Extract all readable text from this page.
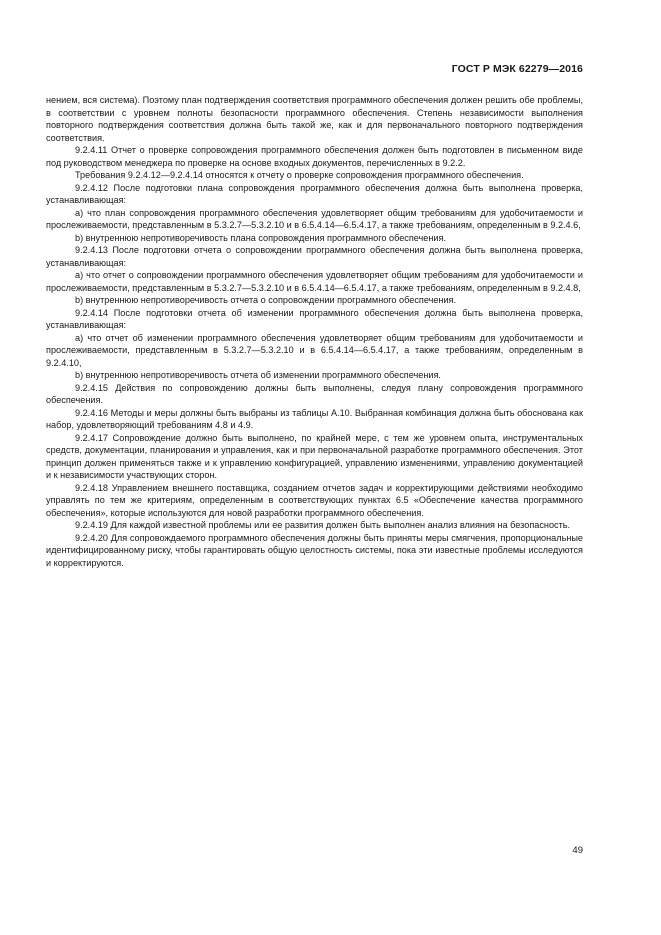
ГОСТ Р МЭК 62279—2016

нением, вся система). Поэтому план подтверждения соответствия программного обеспечения должен решить обе проблемы, в соответствии с уровнем полноты безопасности программного обеспечения. Степень независимости выполнения повторного подтверждения соответствия должна быть такой же, как и для первоначального повторного подтверждения соответствия.

9.2.4.11 Отчет о проверке сопровождения программного обеспечения должен быть подготовлен в письменном виде под руководством менеджера по проверке на основе входных документов, перечисленных в 9.2.2.

Требования 9.2.4.12—9.2.4.14 относятся к отчету о проверке сопровождения программного обеспечения.

9.2.4.12 После подготовки плана сопровождения программного обеспечения должна быть выполнена проверка, устанавливающая:

a) что план сопровождения программного обеспечения удовлетворяет общим требованиям для удобочитаемости и прослеживаемости, представленным в 5.3.2.7—5.3.2.10 и в 6.5.4.14—6.5.4.17, а также требованиям, определенным в 9.2.4.6,

b) внутреннюю непротиворечивость плана сопровождения программного обеспечения.

9.2.4.13 После подготовки отчета о сопровождении программного обеспечения должна быть выполнена проверка, устанавливающая:

a) что отчет о сопровождении программного обеспечения удовлетворяет общим требованиям для удобочитаемости и прослеживаемости, представленным в 5.3.2.7—5.3.2.10 и в 6.5.4.14—6.5.4.17, а также требованиям, определенным в 9.2.4.8,

b) внутреннюю непротиворечивость отчета о сопровождении программного обеспечения.

9.2.4.14 После подготовки отчета об изменении программного обеспечения должна быть выполнена проверка, устанавливающая:

a) что отчет об изменении программного обеспечения удовлетворяет общим требованиям для удобочитаемости и прослеживаемости, представленным в 5.3.2.7—5.3.2.10 и в 6.5.4.14—6.5.4.17, а также требованиям, определенным в 9.2.4.10,

b) внутреннюю непротиворечивость отчета об изменении программного обеспечения.

9.2.4.15 Действия по сопровождению должны быть выполнены, следуя плану сопровождения программного обеспечения.

9.2.4.16 Методы и меры должны быть выбраны из таблицы А.10. Выбранная комбинация должна быть обоснована как набор, удовлетворяющий требованиям 4.8 и 4.9.

9.2.4.17 Сопровождение должно быть выполнено, по крайней мере, с тем же уровнем опыта, инструментальных средств, документации, планирования и управления, как и при первоначальной разработке программного обеспечения. Этот принцип должен применяться также и к управлению конфигурацией, управлению изменениями, управлению документацией и к независимости участвующих сторон.

9.2.4.18 Управлением внешнего поставщика, созданием отчетов задач и корректирующими действиями необходимо управлять по тем же критериям, определенным в соответствующих пунктах 6.5 «Обеспечение качества программного обеспечения», которые используются для новой разработки программного обеспечения.

9.2.4.19 Для каждой известной проблемы или ее развития должен быть выполнен анализ влияния на безопасность.

9.2.4.20 Для сопровождаемого программного обеспечения должны быть приняты меры смягчения, пропорциональные идентифицированному риску, чтобы гарантировать общую целостность системы, пока эти известные проблемы исследуются и корректируются.

49
